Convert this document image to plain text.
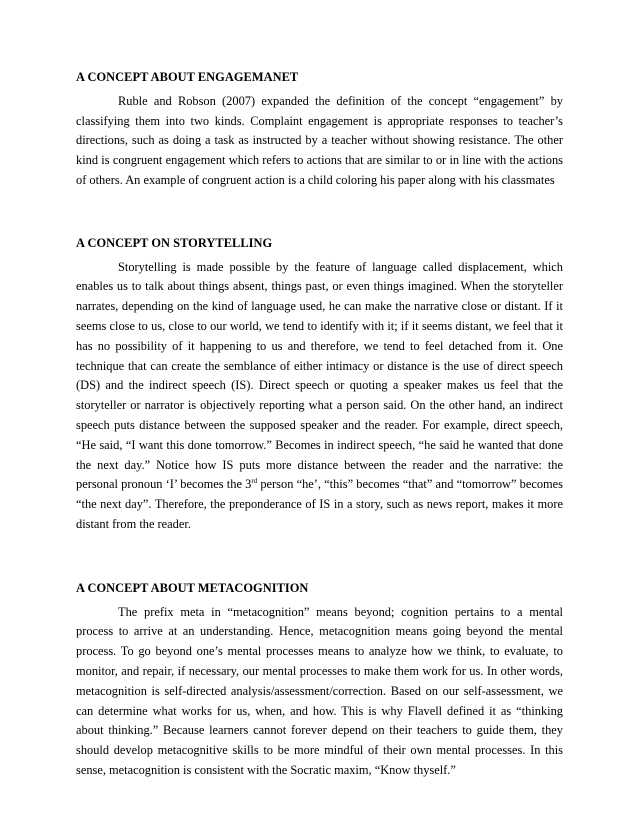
A CONCEPT ABOUT ENGAGEMANET

Ruble and Robson (2007) expanded the definition of the concept “engagement” by classifying them into two kinds. Complaint engagement is appropriate responses to teacher’s directions, such as doing a task as instructed by a teacher without showing resistance. The other kind is congruent engagement which refers to actions that are similar to or in line with the actions of others. An example of congruent action is a child coloring his paper along with his classmates

A CONCEPT ON STORYTELLING

Storytelling is made possible by the feature of language called displacement, which enables us to talk about things absent, things past, or even things imagined. When the storyteller narrates, depending on the kind of language used, he can make the narrative close or distant. If it seems close to us, close to our world, we tend to identify with it; if it seems distant, we feel that it has no possibility of it happening to us and therefore, we tend to feel detached from it. One technique that can create the semblance of either intimacy or distance is the use of direct speech (DS) and the indirect speech (IS). Direct speech or quoting a speaker makes us feel that the storyteller or narrator is objectively reporting what a person said. On the other hand, an indirect speech puts distance between the supposed speaker and the reader. For example, direct speech, “He said, “I want this done tomorrow.” Becomes in indirect speech, “he said he wanted that done the next day.” Notice how IS puts more distance between the reader and the narrative: the personal pronoun ‘I’ becomes the 3rd person “he’, “this” becomes “that” and “tomorrow” becomes “the next day”. Therefore, the preponderance of IS in a story, such as news report, makes it more distant from the reader.

A CONCEPT ABOUT METACOGNITION

The prefix meta in “metacognition” means beyond; cognition pertains to a mental process to arrive at an understanding. Hence, metacognition means going beyond the mental process. To go beyond one’s mental processes means to analyze how we think, to evaluate, to monitor, and repair, if necessary, our mental processes to make them work for us. In other words, metacognition is self-directed analysis/assessment/correction. Based on our self-assessment, we can determine what works for us, when, and how. This is why Flavell defined it as “thinking about thinking.” Because learners cannot forever depend on their teachers to guide them, they should develop metacognitive skills to be more mindful of their own mental processes. In this sense, metacognition is consistent with the Socratic maxim, “Know thyself.”
